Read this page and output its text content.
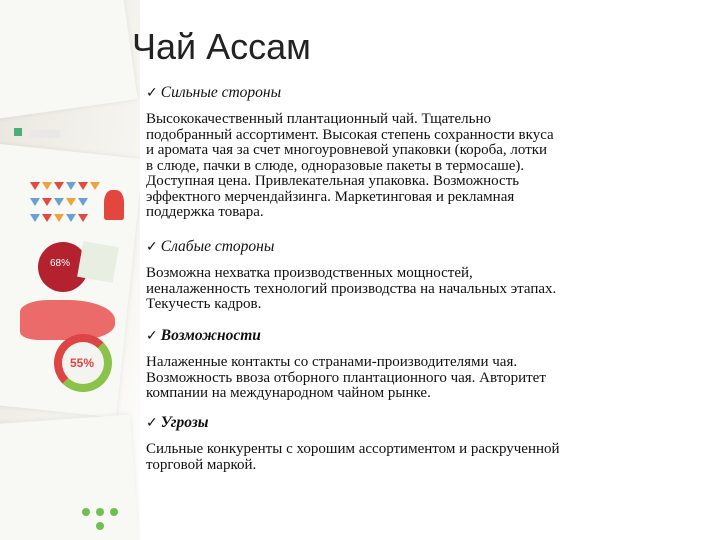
68%
55%
Чай Ассам
✓ Сильные стороны
Высококачественный плантационный чай. Тщательно
подобранный ассортимент. Высокая степень сохранности вкуса
и аромата чая за счет многоуровневой упаковки (короба, лотки
в слюде, пачки в слюде, одноразовые пакеты в термосаше).
Доступная цена. Привлекательная упаковка. Возможность
эффектного мерчендайзинга. Маркетинговая и рекламная
поддержка товара.
✓ Слабые стороны
Возможна нехватка производственных мощностей,
иеналаженность технологий производства на начальных этапах.
Текучесть кадров.
✓ Возможности
Налаженные контакты со странами-производителями чая.
Возможность ввоза отборного плантационного чая. Авторитет
компании на международном чайном рынке.
✓ Угрозы
Сильные конкуренты с хорошим ассортиментом и раскрученной
торговой маркой.
